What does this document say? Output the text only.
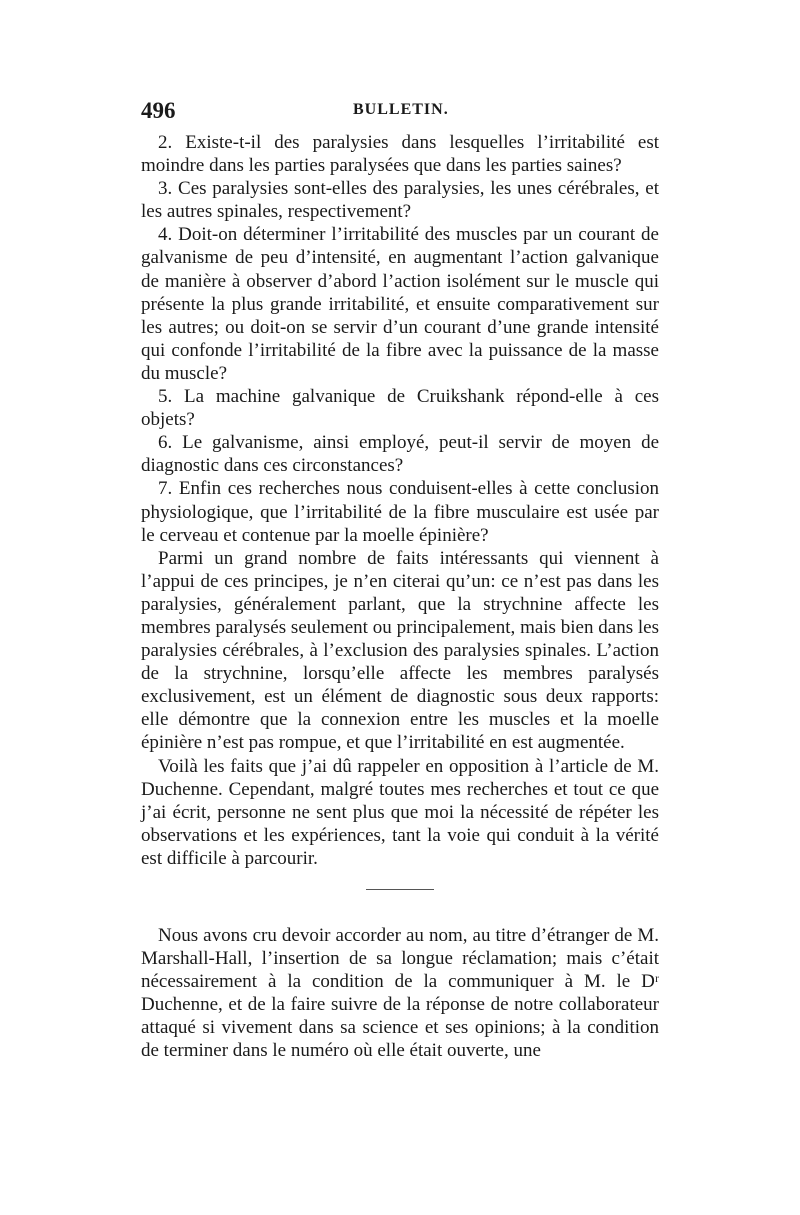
496	BULLETIN.

2. Existe-t-il des paralysies dans lesquelles l’irritabilité est moindre dans les parties paralysées que dans les parties saines?

3. Ces paralysies sont-elles des paralysies, les unes cérébrales, et les autres spinales, respectivement?

4. Doit-on déterminer l’irritabilité des muscles par un courant de galvanisme de peu d’intensité, en augmentant l’action galvanique de manière à observer d’abord l’action isolément sur le muscle qui présente la plus grande irritabilité, et ensuite comparativement sur les autres; ou doit-on se servir d’un courant d’une grande intensité qui confonde l’irritabilité de la fibre avec la puissance de la masse du muscle?

5. La machine galvanique de Cruikshank répond-elle à ces objets?

6. Le galvanisme, ainsi employé, peut-il servir de moyen de diagnostic dans ces circonstances?

7. Enfin ces recherches nous conduisent-elles à cette conclusion physiologique, que l’irritabilité de la fibre musculaire est usée par le cerveau et contenue par la moelle épinière?

Parmi un grand nombre de faits intéressants qui viennent à l’appui de ces principes, je n’en citerai qu’un: ce n’est pas dans les paralysies, généralement parlant, que la strychnine affecte les membres paralysés seulement ou principalement, mais bien dans les paralysies cérébrales, à l’exclusion des paralysies spinales. L’action de la strychnine, lorsqu’elle affecte les membres paralysés exclusivement, est un élément de diagnostic sous deux rapports: elle démontre que la connexion entre les muscles et la moelle épinière n’est pas rompue, et que l’irritabilité en est augmentée.

Voilà les faits que j’ai dû rappeler en opposition à l’article de M. Duchenne. Cependant, malgré toutes mes recherches et tout ce que j’ai écrit, personne ne sent plus que moi la nécessité de répéter les observations et les expériences, tant la voie qui conduit à la vérité est difficile à parcourir.

Nous avons cru devoir accorder au nom, au titre d’étranger de M. Marshall-Hall, l’insertion de sa longue réclamation; mais c’était nécessairement à la condition de la communiquer à M. le Dʳ Duchenne, et de la faire suivre de la réponse de notre collaborateur attaqué si vivement dans sa science et ses opinions; à la condition de terminer dans le numéro où elle était ouverte, une
